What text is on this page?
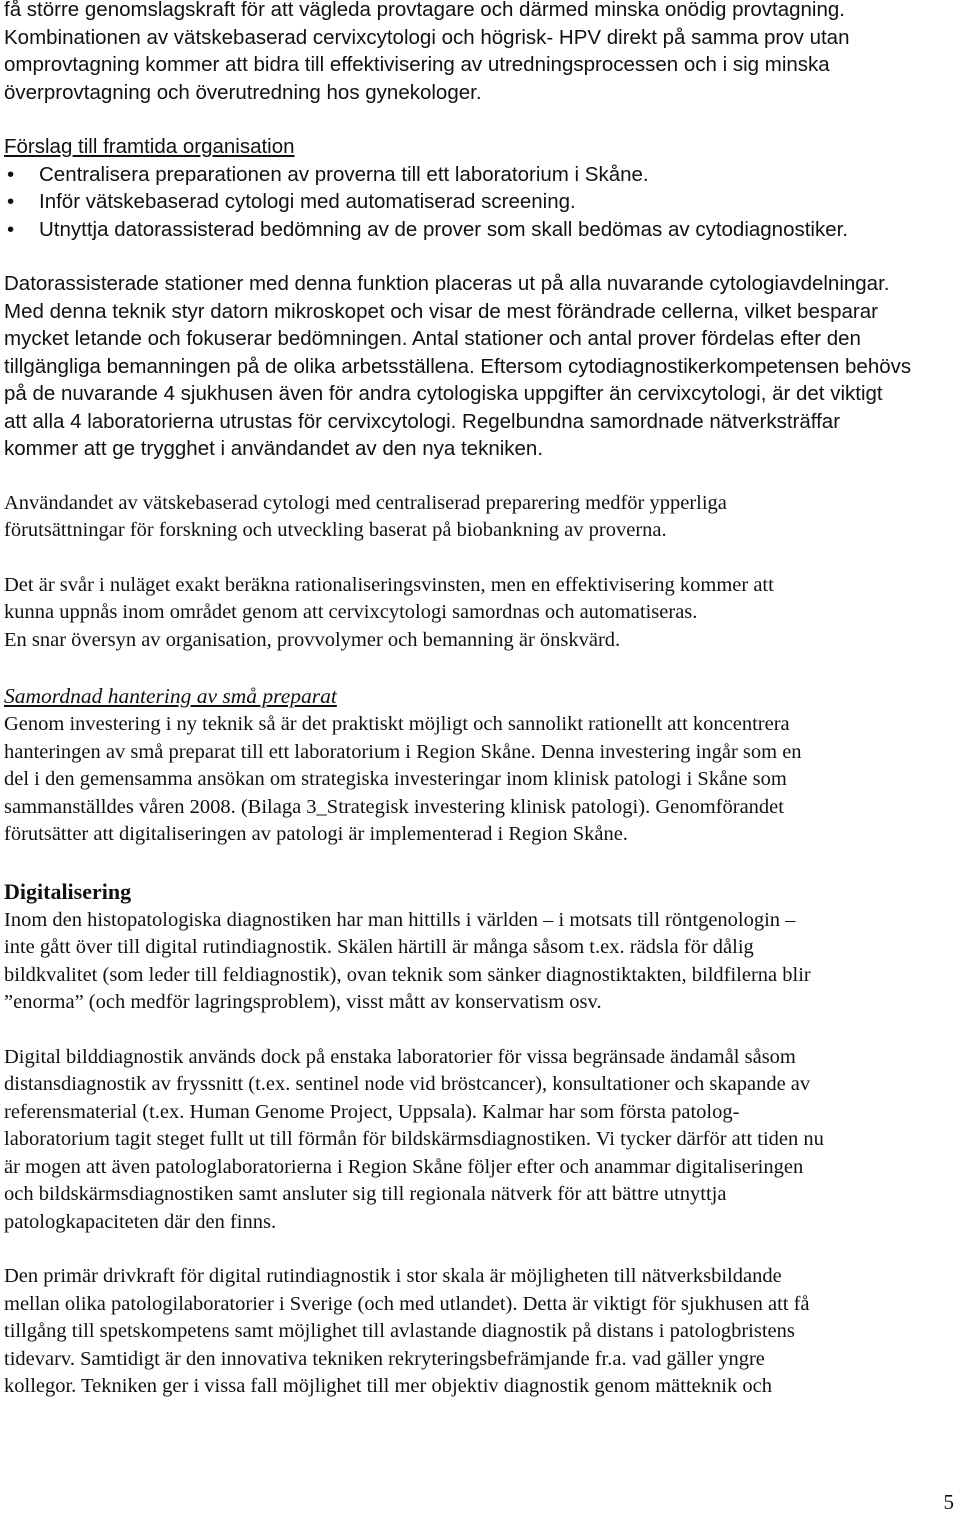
få större genomslagskraft för att vägleda provtagare och därmed minska onödig provtagning.
Kombinationen av vätskebaserad cervixcytologi och högrisk- HPV direkt på samma prov utan
omprovtagning kommer att bidra till effektivisering av utredningsprocessen och i sig minska
överprovtagning och överutredning hos gynekologer.
Förslag till framtida organisation
• Centralisera preparationen av proverna till ett laboratorium i Skåne.
• Inför vätskebaserad cytologi med automatiserad screening.
• Utnyttja datorassisterad bedömning av de prover som skall bedömas av cytodiagnostiker.
Datorassisterade stationer med denna funktion placeras ut på alla nuvarande cytologiavdelningar.
Med denna teknik styr datorn mikroskopet och visar de mest förändrade cellerna, vilket besparar
mycket letande och fokuserar bedömningen. Antal stationer och antal prover fördelas efter den
tillgängliga bemanningen på de olika arbetsställena. Eftersom cytodiagnostikerkompetensen behövs
på de nuvarande 4 sjukhusen även för andra cytologiska uppgifter än cervixcytologi, är det viktigt
att alla 4 laboratorierna utrustas för cervixcytologi. Regelbundna samordnade nätverksträffar
kommer att ge trygghet i användandet av den nya tekniken.
Användandet av vätskebaserad cytologi med centraliserad preparering medför ypperliga
förutsättningar för forskning och utveckling baserat på biobankning av proverna.
Det är svår i nuläget exakt beräkna rationaliseringsvinsten, men en effektivisering kommer att
kunna uppnås inom området genom att cervixcytologi samordnas och automatiseras.
En snar översyn av organisation, provvolymer och bemanning är önskvärd.
Samordnad hantering av små preparat
Genom investering i ny teknik så är det praktiskt möjligt och sannolikt rationellt att koncentrera
hanteringen av små preparat till ett laboratorium i Region Skåne. Denna investering ingår som en
del i den gemensamma ansökan om strategiska investeringar inom klinisk patologi i Skåne som
sammanställdes våren 2008. (Bilaga 3_Strategisk investering klinisk patologi). Genomförandet
förutsätter att digitaliseringen av patologi är implementerad i Region Skåne.
Digitalisering
Inom den histopatologiska diagnostiken har man hittills i världen – i motsats till röntgenologin –
inte gått över till digital rutindiagnostik. Skälen härtill är många såsom t.ex. rädsla för dålig
bildkvalitet (som leder till feldiagnostik), ovan teknik som sänker diagnostiktakten, bildfilerna blir
”enorma” (och medför lagringsproblem), visst mått av konservatism osv.
Digital bilddiagnostik används dock på enstaka laboratorier för vissa begränsade ändamål såsom
distansdiagnostik av fryssnitt (t.ex. sentinel node vid bröstcancer), konsultationer och skapande av
referensmaterial (t.ex. Human Genome Project, Uppsala). Kalmar har som första patolog-
laboratorium tagit steget fullt ut till förmån för bildskärmsdiagnostiken. Vi tycker därför att tiden nu
är mogen att även patologlaboratorierna i Region Skåne följer efter och anammar digitaliseringen
och bildskärmsdiagnostiken samt ansluter sig till regionala nätverk för att bättre utnyttja
patologkapaciteten där den finns.
Den primär drivkraft för digital rutindiagnostik i stor skala är möjligheten till nätverksbildande
mellan olika patologilaboratorier i Sverige (och med utlandet). Detta är viktigt för sjukhusen att få
tillgång till spetskompetens samt möjlighet till avlastande diagnostik på distans i patologbristens
tidevarv. Samtidigt är den innovativa tekniken rekryteringsbefrämjande fr.a. vad gäller yngre
kollegor. Tekniken ger i vissa fall möjlighet till mer objektiv diagnostik genom mätteknik och
5
